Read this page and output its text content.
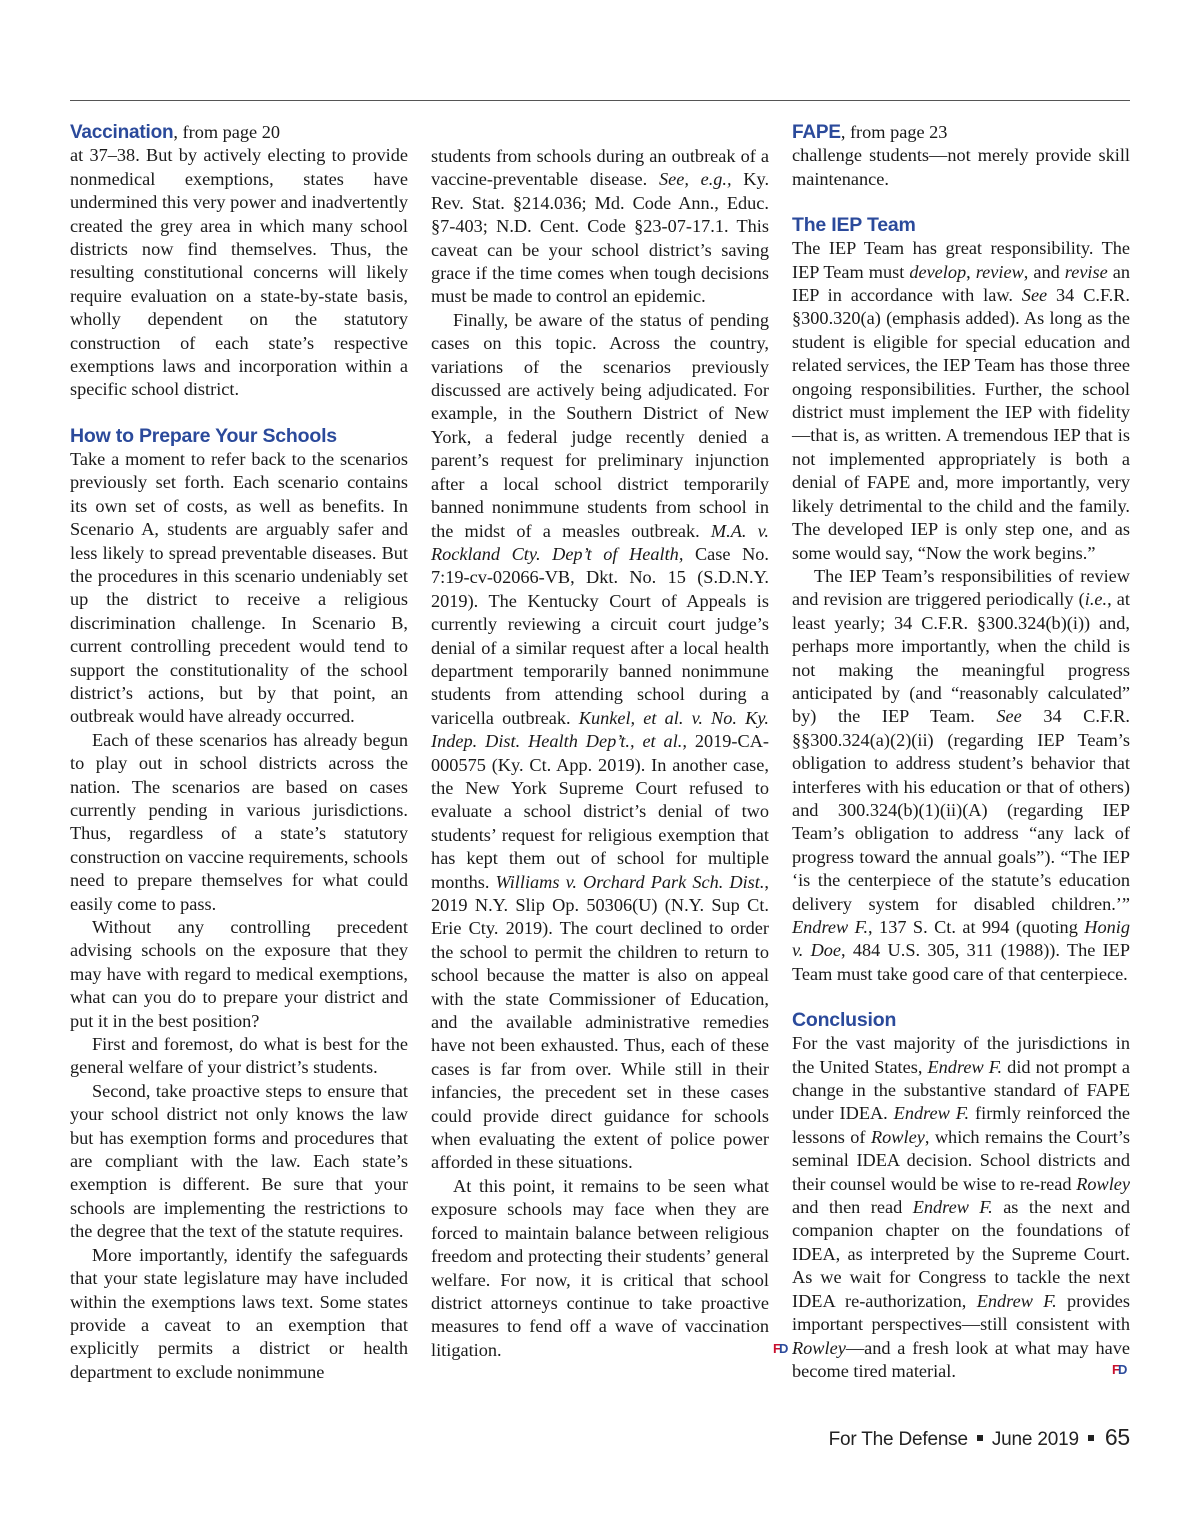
Vaccination, from page 20

at 37–38. But by actively electing to provide nonmedical exemptions, states have undermined this very power and inadvertently created the grey area in which many school districts now find themselves. Thus, the resulting constitutional concerns will likely require evaluation on a state-by-state basis, wholly dependent on the statutory construction of each state’s respective exemptions laws and incorporation within a specific school district.

How to Prepare Your Schools

Take a moment to refer back to the scenarios previously set forth. Each scenario contains its own set of costs, as well as benefits. In Scenario A, students are arguably safer and less likely to spread preventable diseases. But the procedures in this scenario undeniably set up the district to receive a religious discrimination challenge. In Scenario B, current controlling precedent would tend to support the constitutionality of the school district’s actions, but by that point, an outbreak would have already occurred.

Each of these scenarios has already begun to play out in school districts across the nation. The scenarios are based on cases currently pending in various jurisdictions. Thus, regardless of a state’s statutory construction on vaccine requirements, schools need to prepare themselves for what could easily come to pass.

Without any controlling precedent advising schools on the exposure that they may have with regard to medical exemptions, what can you do to prepare your district and put it in the best position?

First and foremost, do what is best for the general welfare of your district’s students.

Second, take proactive steps to ensure that your school district not only knows the law but has exemption forms and procedures that are compliant with the law. Each state’s exemption is different. Be sure that your schools are implementing the restrictions to the degree that the text of the statute requires.

More importantly, identify the safeguards that your state legislature may have included within the exemptions laws text. Some states provide a caveat to an exemption that explicitly permits a district or health department to exclude nonimmune

students from schools during an outbreak of a vaccine-preventable disease. See, e.g., Ky. Rev. Stat. §214.036; Md. Code Ann., Educ. §7-403; N.D. Cent. Code §23-07-17.1. This caveat can be your school district’s saving grace if the time comes when tough decisions must be made to control an epidemic.

Finally, be aware of the status of pending cases on this topic. Across the country, variations of the scenarios previously discussed are actively being adjudicated. For example, in the Southern District of New York, a federal judge recently denied a parent’s request for preliminary injunction after a local school district temporarily banned nonimmune students from school in the midst of a measles outbreak. M.A. v. Rockland Cty. Dep’t of Health, Case No. 7:19-cv-02066-VB, Dkt. No. 15 (S.D.N.Y. 2019). The Kentucky Court of Appeals is currently reviewing a circuit court judge’s denial of a similar request after a local health department temporarily banned nonimmune students from attending school during a varicella outbreak. Kunkel, et al. v. No. Ky. Indep. Dist. Health Dep’t., et al., 2019-CA-000575 (Ky. Ct. App. 2019). In another case, the New York Supreme Court refused to evaluate a school district’s denial of two students’ request for religious exemption that has kept them out of school for multiple months. Williams v. Orchard Park Sch. Dist., 2019 N.Y. Slip Op. 50306(U) (N.Y. Sup Ct. Erie Cty. 2019). The court declined to order the school to permit the children to return to school because the matter is also on appeal with the state Commissioner of Education, and the available administrative remedies have not been exhausted. Thus, each of these cases is far from over. While still in their infancies, the precedent set in these cases could provide direct guidance for schools when evaluating the extent of police power afforded in these situations.

At this point, it remains to be seen what exposure schools may face when they are forced to maintain balance between religious freedom and protecting their students’ general welfare. For now, it is critical that school district attorneys continue to take proactive measures to fend off a wave of vaccination litigation.	F
D

FAPE, from page 23

challenge students—not merely provide skill maintenance.

The IEP Team

The IEP Team has great responsibility. The IEP Team must develop, review, and revise an IEP in accordance with law. See 34 C.F.R. §300.320(a) (emphasis added). As long as the student is eligible for special education and related services, the IEP Team has those three ongoing responsibilities. Further, the school district must implement the IEP with fidelity—that is, as written. A tremendous IEP that is not implemented appropriately is both a denial of FAPE and, more importantly, very likely detrimental to the child and the family. The developed IEP is only step one, and as some would say, “Now the work begins.”

The IEP Team’s responsibilities of review and revision are triggered periodically (i.e., at least yearly; 34 C.F.R. §300.324(b)(i)) and, perhaps more importantly, when the child is not making the meaningful progress anticipated by (and “reasonably calculated” by) the IEP Team. See 34 C.F.R. §§300.324(a)(2)(ii) (regarding IEP Team’s obligation to address student’s behavior that interferes with his education or that of others) and 300.324(b)(1)(ii)(A) (regarding IEP Team’s obligation to address “any lack of progress toward the annual goals”). “The IEP ‘is the centerpiece of the statute’s education delivery system for disabled children.’” Endrew F., 137 S. Ct. at 994 (quoting Honig v. Doe, 484 U.S. 305, 311 (1988)). The IEP Team must take good care of that centerpiece.

Conclusion

For the vast majority of the jurisdictions in the United States, Endrew F. did not prompt a change in the substantive standard of FAPE under IDEA. Endrew F. firmly reinforced the lessons of Rowley, which remains the Court’s seminal IDEA decision. School districts and their counsel would be wise to re-read Rowley and then read Endrew F. as the next and companion chapter on the foundations of IDEA, as interpreted by the Supreme Court. As we wait for Congress to tackle the next IDEA re-authorization, Endrew F. provides important perspectives—still consistent with Rowley—and a fresh look at what may have become tired material.	F
D

For The Defense June 2019 65
